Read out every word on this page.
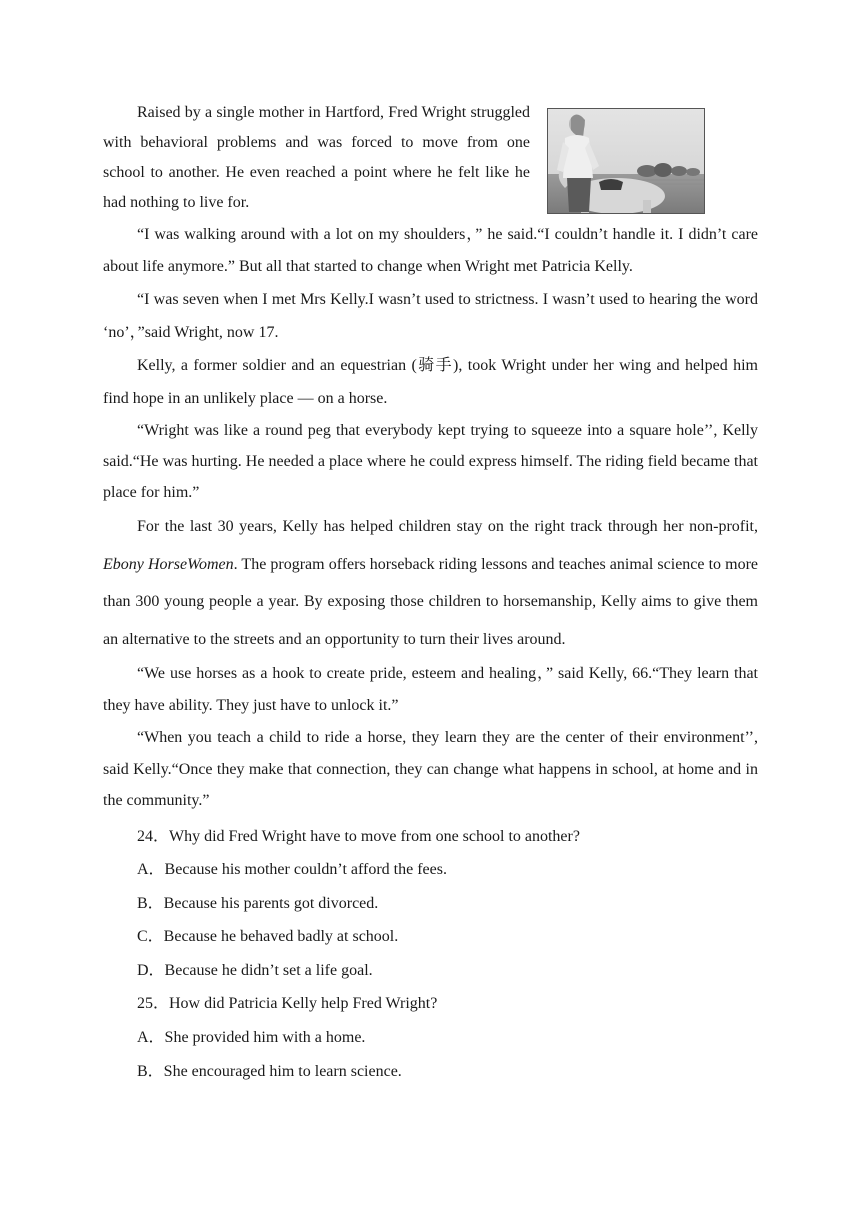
Raised by a single mother in Hartford, Fred Wright struggled with behavioral problems and was forced to move from one school to another. He even reached a point where he felt like he had nothing to live for.

“I was walking around with a lot on my shoulders，” he said.“I couldn’t handle it. I didn’t care about life anymore.” But all that started to change when Wright met Patricia Kelly.

“I was seven when I met Mrs Kelly.I wasn’t used to strictness. I wasn’t used to hearing the word ‘no’，”said Wright, now 17.

Kelly, a former soldier and an equestrian (骑手), took Wright under her wing and helped him find hope in an unlikely place — on a horse.

“Wright was like a round peg that everybody kept trying to squeeze into a square hole’’, Kelly said.“He was hurting. He needed a place where he could express himself. The riding field became that place for him.”

For the last 30 years, Kelly has helped children stay on the right track through her non-profit, Ebony HorseWomen. The program offers horseback riding lessons and teaches animal science to more than 300 young people a year. By exposing those children to horsemanship, Kelly aims to give them an alternative to the streets and an opportunity to turn their lives around.

“We use horses as a hook to create pride, esteem and healing，” said Kelly, 66.“They learn that they have ability. They just have to unlock it.”

“When you teach a child to ride a horse, they learn they are the center of their environment’’, said Kelly.“Once they make that connection, they can change what happens in school, at home and in the community.”

24．Why did Fred Wright have to move from one school to another?

A．Because his mother couldn’t afford the fees.

B．Because his parents got divorced.

C．Because he behaved badly at school.

D．Because he didn’t set a life goal.

25．How did Patricia Kelly help Fred Wright?

A．She provided him with a home.

B．She encouraged him to learn science.
